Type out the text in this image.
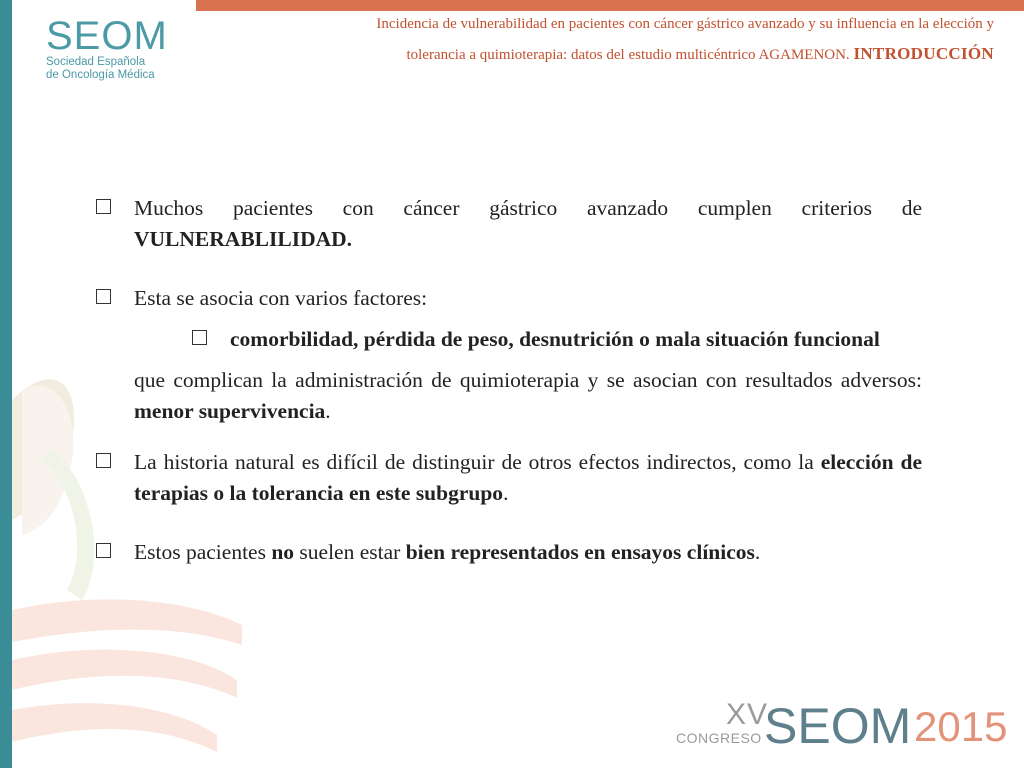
SEOM
Sociedad Española
de Oncología Médica
Incidencia de vulnerabilidad en pacientes con cáncer gástrico avanzado y su influencia en la elección y
tolerancia a quimioterapia: datos del estudio multicéntrico AGAMENON. INTRODUCCIÓN
Muchos pacientes con cáncer gástrico avanzado cumplen criterios de VULNERABLILIDAD.
Esta se asocia con varios factores:
comorbilidad, pérdida de peso, desnutrición o mala situación funcional
que complican la administración de quimioterapia y se asocian con resultados adversos: menor supervivencia.
La historia natural es difícil de distinguir de otros efectos indirectos, como la elección de terapias o la tolerancia en este subgrupo.
Estos pacientes no suelen estar bien representados en ensayos clínicos.
XV
CONGRESO SEOM 2015
